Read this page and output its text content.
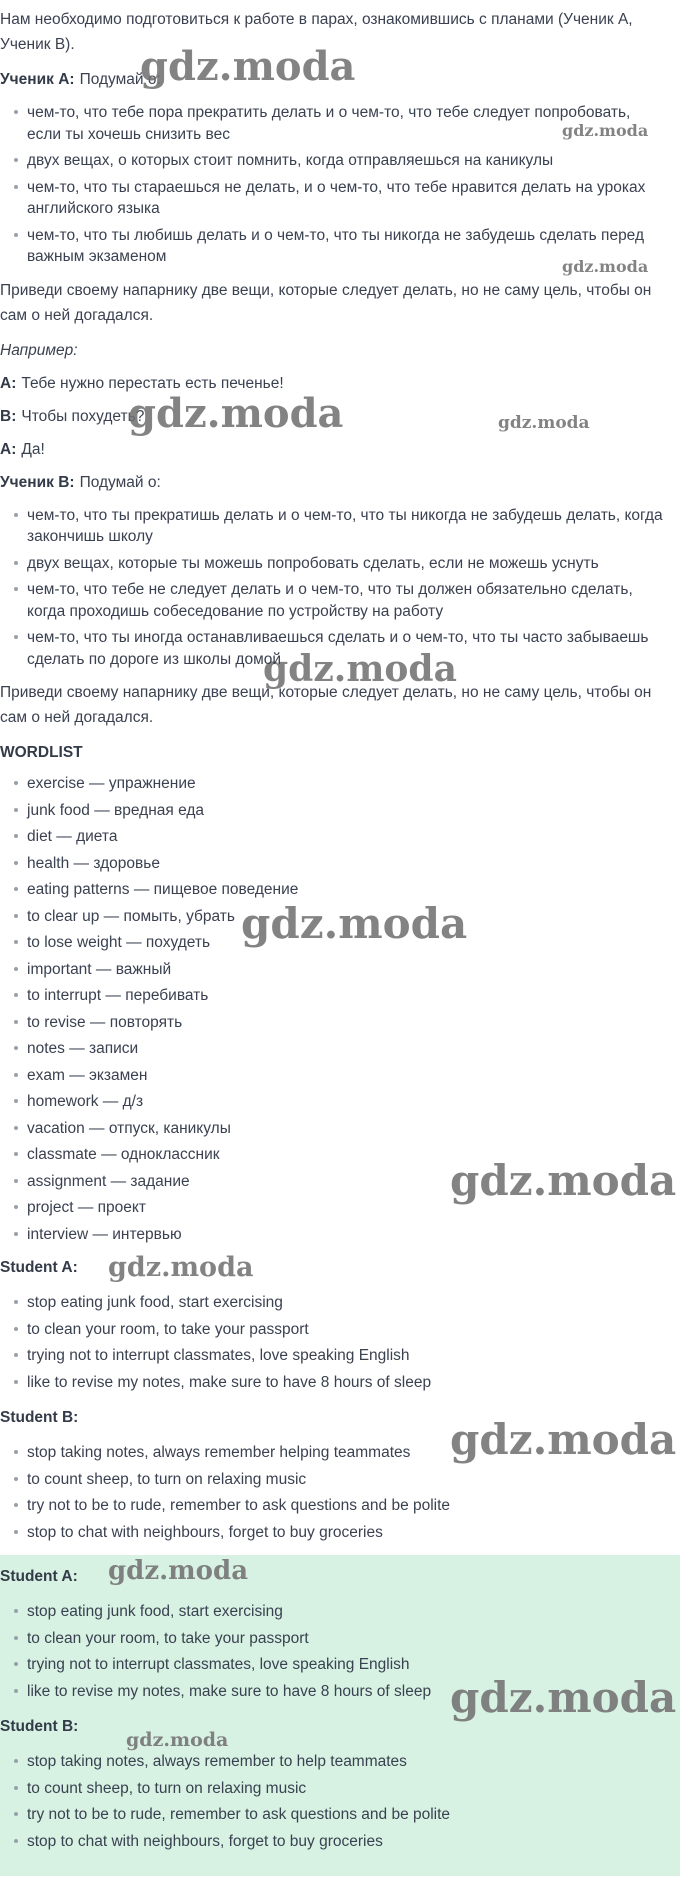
gdz.moda
gdz.moda
gdz.moda
gdz.moda	gdz.moda
gdz.moda
gdz.moda
gdz.moda
gdz.moda
gdz.moda
gdz.moda
gdz.moda
gdz.moda

Нам необходимо подготовиться к работе в парах, ознакомившись с планами (Ученик А, Ученик В).

Ученик А: Подумай о:

чем-то, что тебе пора прекратить делать и о чем-то, что тебе следует попробовать, если ты хочешь снизить вес
двух вещах, о которых стоит помнить, когда отправляешься на каникулы
чем-то, что ты стараешься не делать, и о чем-то, что тебе нравится делать на уроках английского языка
чем-то, что ты любишь делать и о чем-то, что ты никогда не забудешь сделать перед важным экзаменом

Приведи своему напарнику две вещи, которые следует делать, но не саму цель, чтобы он сам о ней догадался.

Например:

A: Тебе нужно перестать есть печенье!

B: Чтобы похудеть?

A: Да!

Ученик В: Подумай о:

чем-то, что ты прекратишь делать и о чем-то, что ты никогда не забудешь делать, когда закончишь школу
двух вещах, которые ты можешь попробовать сделать, если не можешь уснуть
чем-то, что тебе не следует делать и о чем-то, что ты должен обязательно сделать, когда проходишь собеседование по устройству на работу
чем-то, что ты иногда останавливаешься сделать и о чем-то, что ты часто забываешь сделать по дороге из школы домой

Приведи своему напарнику две вещи, которые следует делать, но не саму цель, чтобы он сам о ней догадался.

WORDLIST

exercise — упражнение
junk food — вредная еда
diet — диета
health — здоровье
eating patterns — пищевое поведение
to clear up — помыть, убрать
to lose weight — похудеть
important — важный
to interrupt — перебивать
to revise — повторять
notes — записи
exam — экзамен
homework — д/з
vacation — отпуск, каникулы
classmate — одноклассник
assignment — задание
project — проект
interview — интервью

Student A:

stop eating junk food, start exercising
to clean your room, to take your passport
trying not to interrupt classmates, love speaking English
like to revise my notes, make sure to have 8 hours of sleep

Student B:

stop taking notes, always remember helping teammates
to count sheep, to turn on relaxing music
try not to be to rude, remember to ask questions and be polite
stop to chat with neighbours, forget to buy groceries

Student A:

stop eating junk food, start exercising
to clean your room, to take your passport
trying not to interrupt classmates, love speaking English
like to revise my notes, make sure to have 8 hours of sleep

Student B:

stop taking notes, always remember to help teammates
to count sheep, to turn on relaxing music
try not to be to rude, remember to ask questions and be polite
stop to chat with neighbours, forget to buy groceries
